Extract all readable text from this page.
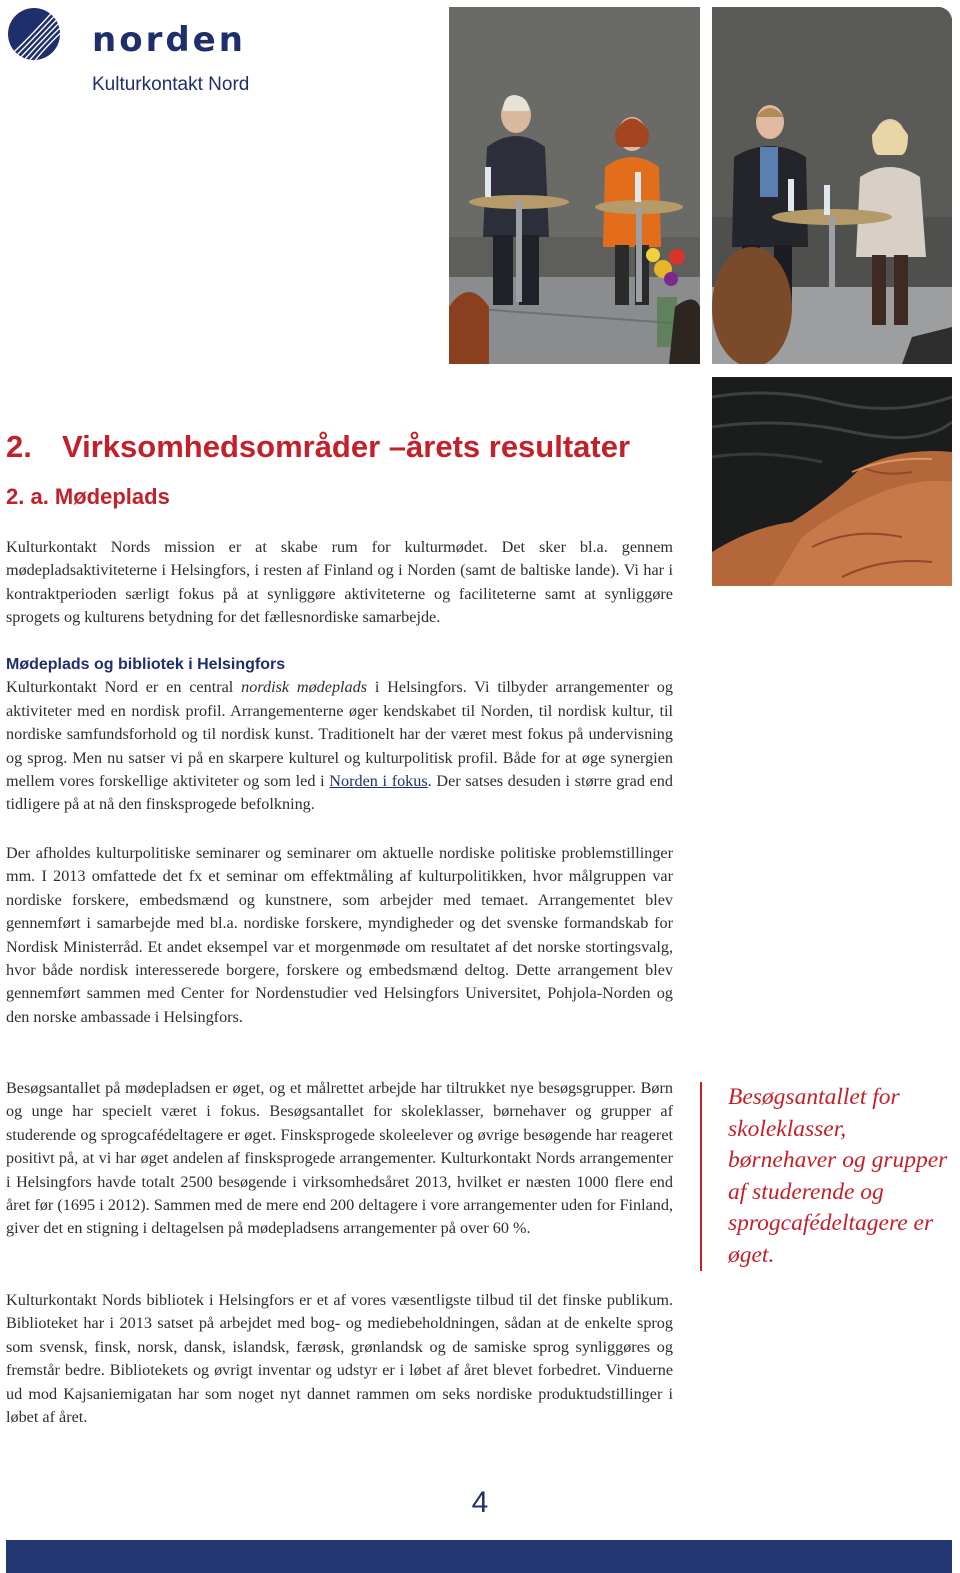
norden
Kulturkontakt Nord
2. Virksomhedsområder –årets resultater
2. a. Mødeplads
Kulturkontakt Nords mission er at skabe rum for kulturmødet. Det sker bl.a. gennem mødepladsaktiviteterne i Helsingfors, i resten af Finland og i Norden (samt de baltiske lande). Vi har i kontraktperioden særligt fokus på at synliggøre aktiviteterne og faciliteterne samt at synliggøre sprogets og kulturens betydning for det fællesnordiske samarbejde.
Mødeplads og bibliotek i Helsingfors
Kulturkontakt Nord er en central nordisk mødeplads i Helsingfors. Vi tilbyder arrangementer og aktiviteter med en nordisk profil. Arrangementerne øger kendskabet til Norden, til nordisk kultur, til nordiske samfundsforhold og til nordisk kunst. Traditionelt har der været mest fokus på undervisning og sprog. Men nu satser vi på en skarpere kulturel og kulturpolitisk profil. Både for at øge synergien mellem vores forskellige aktiviteter og som led i Norden i fokus. Der satses desuden i større grad end tidligere på at nå den finsksprogede befolkning.
Der afholdes kulturpolitiske seminarer og seminarer om aktuelle nordiske politiske problemstillinger mm. I 2013 omfattede det fx et seminar om effektmåling af kulturpolitikken, hvor målgruppen var nordiske forskere, embedsmænd og kunstnere, som arbejder med temaet. Arrangementet blev gennemført i samarbejde med bl.a. nordiske forskere, myndigheder og det svenske formandskab for Nordisk Ministerråd. Et andet eksempel var et morgenmøde om resultatet af det norske stortingsvalg, hvor både nordisk interesserede borgere, forskere og embedsmænd deltog. Dette arrangement blev gennemført sammen med Center for Nordenstudier ved Helsingfors Universitet, Pohjola-Norden og den norske ambassade i Helsingfors.
Besøgsantallet på mødepladsen er øget, og et målrettet arbejde har tiltrukket nye besøgsgrupper. Børn og unge har specielt været i fokus. Besøgsantallet for skoleklasser, børnehaver og grupper af studerende og sprogcafédeltagere er øget. Finsksprogede skoleelever og øvrige besøgende har reageret positivt på, at vi har øget andelen af finsksprogede arrangementer. Kulturkontakt Nords arrangementer i Helsingfors havde totalt 2500 besøgende i virksomhedsåret 2013, hvilket er næsten 1000 flere end året før (1695 i 2012). Sammen med de mere end 200 deltagere i vore arrangementer uden for Finland, giver det en stigning i deltagelsen på mødepladsens arrangementer på over 60 %.
Besøgsantallet for skoleklasser, børnehaver og grupper af studerende og sprogcafédeltagere er øget.
Kulturkontakt Nords bibliotek i Helsingfors er et af vores væsentligste tilbud til det finske publikum. Biblioteket har i 2013 satset på arbejdet med bog- og mediebeholdningen, sådan at de enkelte sprog som svensk, finsk, norsk, dansk, islandsk, færøsk, grønlandsk og de samiske sprog synliggøres og fremstår bedre. Bibliotekets og øvrigt inventar og udstyr er i løbet af året blevet forbedret. Vinduerne ud mod Kajsaniemigatan har som noget nyt dannet rammen om seks nordiske produktudstillinger i løbet af året.
4
